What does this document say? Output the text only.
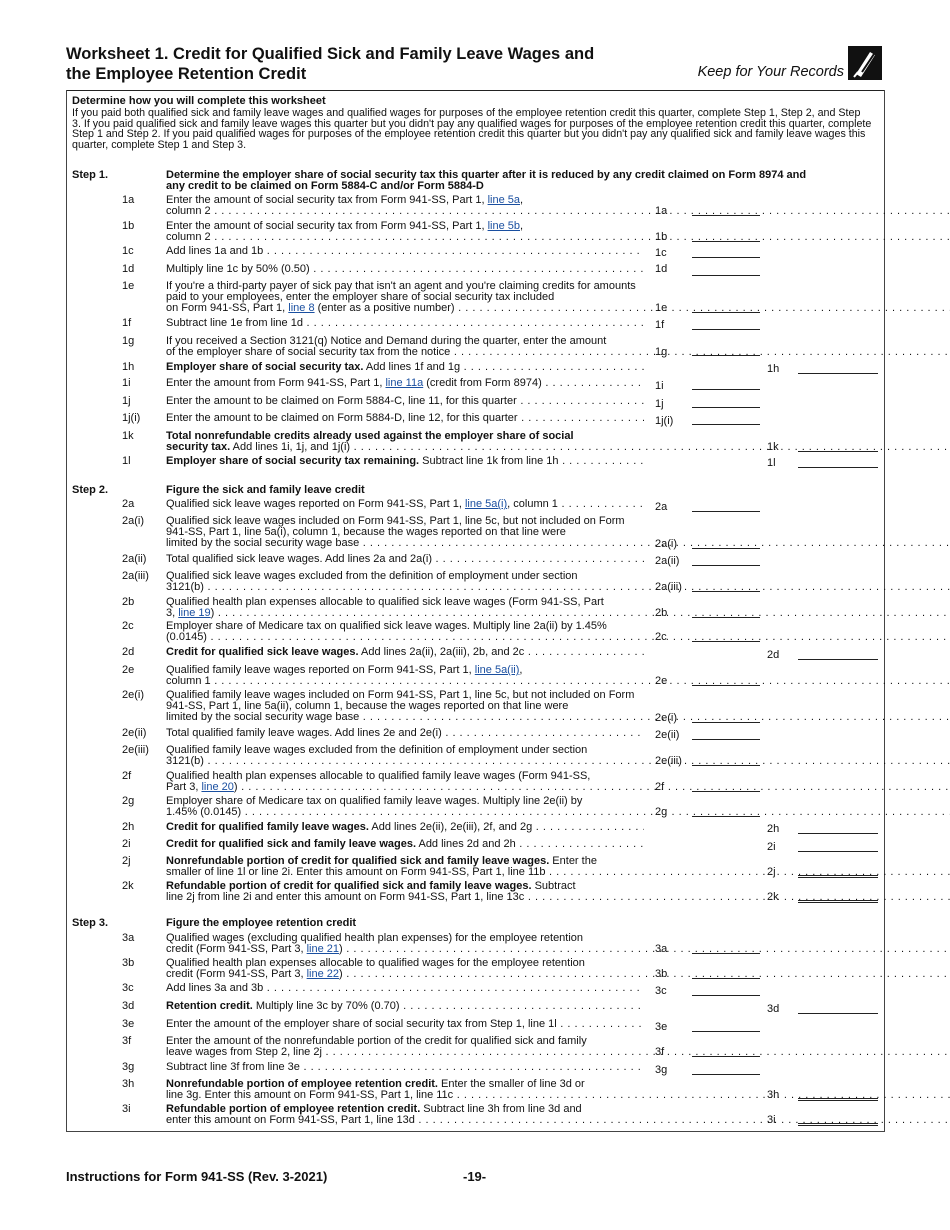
Worksheet 1. Credit for Qualified Sick and Family Leave Wages and
the Employee Retention Credit	Keep for Your Records
Determine how you will complete this worksheet
If you paid both qualified sick and family leave wages and qualified wages for purposes of the employee retention credit this quarter, complete Step 1, Step 2, and Step 3. If you paid qualified sick and family leave wages this quarter but you didn't pay any qualified wages for purposes of the employee retention credit this quarter, complete Step 1 and Step 2. If you paid qualified wages for purposes of the employee retention credit this quarter but you didn't pay any qualified sick and family leave wages this quarter, complete Step 1 and Step 3.
Step 1.	Determine the employer share of social security tax this quarter after it is reduced by any credit claimed on Form 8974 and any credit to be claimed on Form 5884-C and/or Form 5884-D
1a	Enter the amount of social security tax from Form 941-SS, Part 1, line 5a,
column 2 . . .	1a
1b	Enter the amount of social security tax from Form 941-SS, Part 1, line 5b,
column 2 . . .	1b
1c	Add lines 1a and 1b . . .	1c
1d	Multiply line 1c by 50% (0.50) . . .	1d
1e	If you're a third-party payer of sick pay that isn't an agent and you're claiming credits for amounts paid to your employees, enter the employer share of social security tax included
on Form 941-SS, Part 1, line 8 (enter as a positive number) . . .	1e
1f	Subtract line 1e from line 1d . . .	1f
1g	If you received a Section 3121(q) Notice and Demand during the quarter, enter the amount
of the employer share of social security tax from the notice . . .	1g
1h	Employer share of social security tax. Add lines 1f and 1g . . .	1h
1i	Enter the amount from Form 941-SS, Part 1, line 11a (credit from Form 8974) . . .	1i
1j	Enter the amount to be claimed on Form 5884-C, line 11, for this quarter . . .	1j
1j(i) Enter the amount to be claimed on Form 5884-D, line 12, for this quarter . . .	1j(i)
1k	Total nonrefundable credits already used against the employer share of social
security tax. Add lines 1i, 1j, and 1j(i) . . .	1k
1l	Employer share of social security tax remaining. Subtract line 1k from line 1h . . .	1l
Step 2.	Figure the sick and family leave credit
2a	Qualified sick leave wages reported on Form 941-SS, Part 1, line 5a(i), column 1 . . .	2a
2a(i) Qualified sick leave wages included on Form 941-SS, Part 1, line 5c, but not included on Form 941-SS, Part 1, line 5a(i), column 1, because the wages reported on that line were
limited by the social security wage base . . .	2a(i)
2a(ii) Total qualified sick leave wages. Add lines 2a and 2a(i) . . .	2a(ii)
2a(iii) Qualified sick leave wages excluded from the definition of employment under section
3121(b) . . .	2a(iii)
2b	Qualified health plan expenses allocable to qualified sick leave wages (Form 941-SS, Part
3, line 19) . . .	2b
2c	Employer share of Medicare tax on qualified sick leave wages. Multiply line 2a(ii) by 1.45%
(0.0145) . . .	2c
2d	Credit for qualified sick leave wages. Add lines 2a(ii), 2a(iii), 2b, and 2c . . .	2d
2e	Qualified family leave wages reported on Form 941-SS, Part 1, line 5a(ii),
column 1 . . .	2e
2e(i) Qualified family leave wages included on Form 941-SS, Part 1, line 5c, but not included on Form 941-SS, Part 1, line 5a(ii), column 1, because the wages reported on that line were
limited by the social security wage base . . .	2e(i)
2e(ii) Total qualified family leave wages. Add lines 2e and 2e(i) . . .	2e(ii)
2e(iii) Qualified family leave wages excluded from the definition of employment under section
3121(b) . . .	2e(iii)
2f	Qualified health plan expenses allocable to qualified family leave wages (Form 941-SS,
Part 3, line 20) . . .	2f
2g	Employer share of Medicare tax on qualified family leave wages. Multiply line 2e(ii) by
1.45% (0.0145) . . .	2g
2h	Credit for qualified family leave wages. Add lines 2e(ii), 2e(iii), 2f, and 2g . . .	2h
2i	Credit for qualified sick and family leave wages. Add lines 2d and 2h . . .	2i
2j	Nonrefundable portion of credit for qualified sick and family leave wages. Enter the
smaller of line 1l or line 2i. Enter this amount on Form 941-SS, Part 1, line 11b . . .	2j
2k	Refundable portion of credit for qualified sick and family leave wages. Subtract
line 2j from line 2i and enter this amount on Form 941-SS, Part 1, line 13c . . .	2k
Step 3.	Figure the employee retention credit
3a	Qualified wages (excluding qualified health plan expenses) for the employee retention
credit (Form 941-SS, Part 3, line 21) . . .	3a
3b	Qualified health plan expenses allocable to qualified wages for the employee retention
credit (Form 941-SS, Part 3, line 22) . . .	3b
3c	Add lines 3a and 3b . . .	3c
3d	Retention credit. Multiply line 3c by 70% (0.70) . . .	3d
3e	Enter the amount of the employer share of social security tax from Step 1, line 1l . . .	3e
3f	Enter the amount of the nonrefundable portion of the credit for qualified sick and family
leave wages from Step 2, line 2j . . .	3f
3g	Subtract line 3f from line 3e . . .	3g
3h	Nonrefundable portion of employee retention credit. Enter the smaller of line 3d or
line 3g. Enter this amount on Form 941-SS, Part 1, line 11c . . .	3h
3i	Refundable portion of employee retention credit. Subtract line 3h from line 3d and
enter this amount on Form 941-SS, Part 1, line 13d . . .	3i
Instructions for Form 941-SS (Rev. 3-2021)	-19-
